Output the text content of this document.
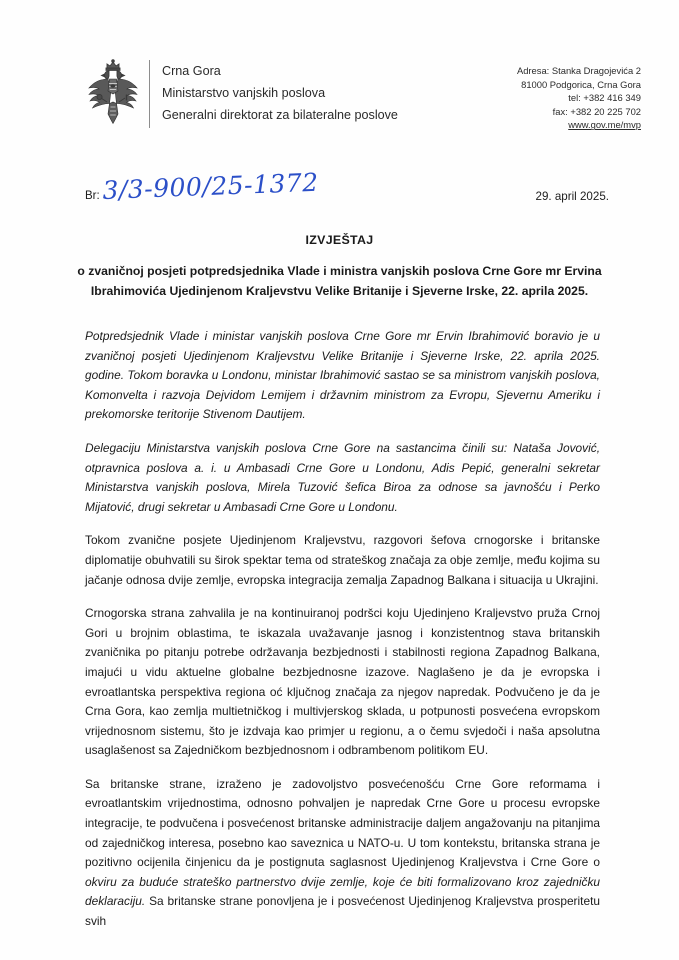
Crna Gora
Ministarstvo vanjskih poslova
Generalni direktorat za bilateralne poslove
Adresa: Stanka Dragojevića 2
81000 Podgorica, Crna Gora
tel: +382 416 349
fax: +382 20 225 702
www.gov.me/mvp
Br: 3/3-900/25-1372	29. april 2025.
IZVJEŠTAJ
o zvaničnoj posjeti potpredsjednika Vlade i ministra vanjskih poslova Crne Gore mr Ervina Ibrahimovića Ujedinjenom Kraljevstvu Velike Britanije i Sjeverne Irske, 22. aprila 2025.

Potpredsjednik Vlade i ministar vanjskih poslova Crne Gore mr Ervin Ibrahimović boravio je u zvaničnoj posjeti Ujedinjenom Kraljevstvu Velike Britanije i Sjeverne Irske, 22. aprila 2025. godine. Tokom boravka u Londonu, ministar Ibrahimović sastao se sa ministrom vanjskih poslova, Komonvelta i razvoja Dejvidom Lemijem i državnim ministrom za Evropu, Sjevernu Ameriku i prekomorske teritorije Stivenom Dautijem.

Delegaciju Ministarstva vanjskih poslova Crne Gore na sastancima činili su: Nataša Jovović, otpravnica poslova a. i. u Ambasadi Crne Gore u Londonu, Adis Pepić, generalni sekretar Ministarstva vanjskih poslova, Mirela Tuzović šefica Biroa za odnose sa javnošću i Perko Mijatović, drugi sekretar u Ambasadi Crne Gore u Londonu.

Tokom zvanične posjete Ujedinjenom Kraljevstvu, razgovori šefova crnogorske i britanske diplomatije obuhvatili su širok spektar tema od strateškog značaja za obje zemlje, među kojima su jačanje odnosa dvije zemlje, evropska integracija zemalja Zapadnog Balkana i situacija u Ukrajini.

Crnogorska strana zahvalila je na kontinuiranoj podršci koju Ujedinjeno Kraljevstvo pruža Crnoj Gori u brojnim oblastima, te iskazala uvažavanje jasnog i konzistentnog stava britanskih zvaničnika po pitanju potrebe održavanja bezbjednosti i stabilnosti regiona Zapadnog Balkana, imajući u vidu aktuelne globalne bezbjednosne izazove. Naglašeno je da je evropska i evroatlantska perspektiva regiona oć ključnog značaja za njegov napredak. Podvučeno je da je Crna Gora, kao zemlja multietničkog i multivjerskog sklada, u potpunosti posvećena evropskom vrijednosnom sistemu, što je izdvaja kao primjer u regionu, a o čemu svjedoči i naša apsolutna usaglašenost sa Zajedničkom bezbjednosnom i odbrambenom politikom EU.

Sa britanske strane, izraženo je zadovoljstvo posvećenošću Crne Gore reformama i evroatlantskim vrijednostima, odnosno pohvaljen je napredak Crne Gore u procesu evropske integracije, te podvučena i posvećenost britanske administracije daljem angažovanju na pitanjima od zajedničkog interesa, posebno kao saveznica u NATO-u. U tom kontekstu, britanska strana je pozitivno ocijenila činjenicu da je postignuta saglasnost Ujedinjenog Kraljevstva i Crne Gore o okviru za buduće strateško partnerstvo dvije zemlje, koje će biti formalizovano kroz zajedničku deklaraciju. Sa britanske strane ponovljena je i posvećenost Ujedinjenog Kraljevstva prosperitetu svih
